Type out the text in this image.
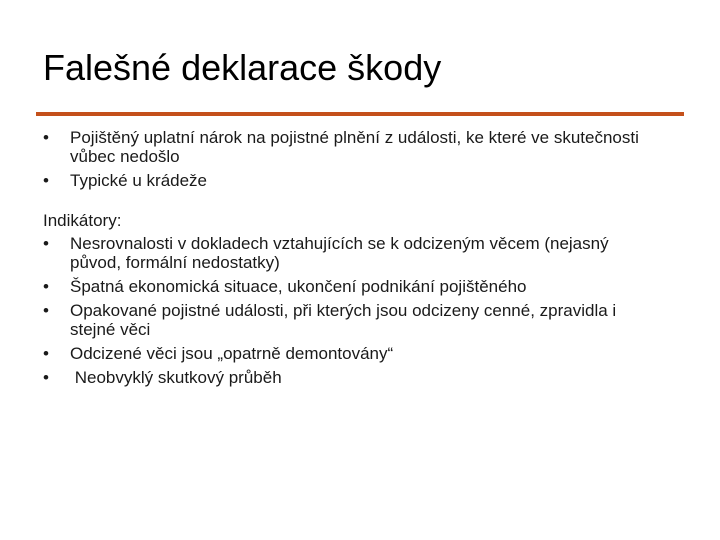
Falešné deklarace škody
•	Pojištěný uplatní nárok na pojistné plnění z události, ke které ve skutečnosti vůbec nedošlo
•	Typické u krádeže
Indikátory:
•	Nesrovnalosti v dokladech vztahujících se k odcizeným věcem (nejasný původ, formální nedostatky)
•	Špatná ekonomická situace, ukončení podnikání pojištěného
•	Opakované pojistné události, při kterých jsou odcizeny cenné, zpravidla i stejné věci
•	Odcizené věci jsou „opatrně demontovány“
•	Neobvyklý skutkový průběh
